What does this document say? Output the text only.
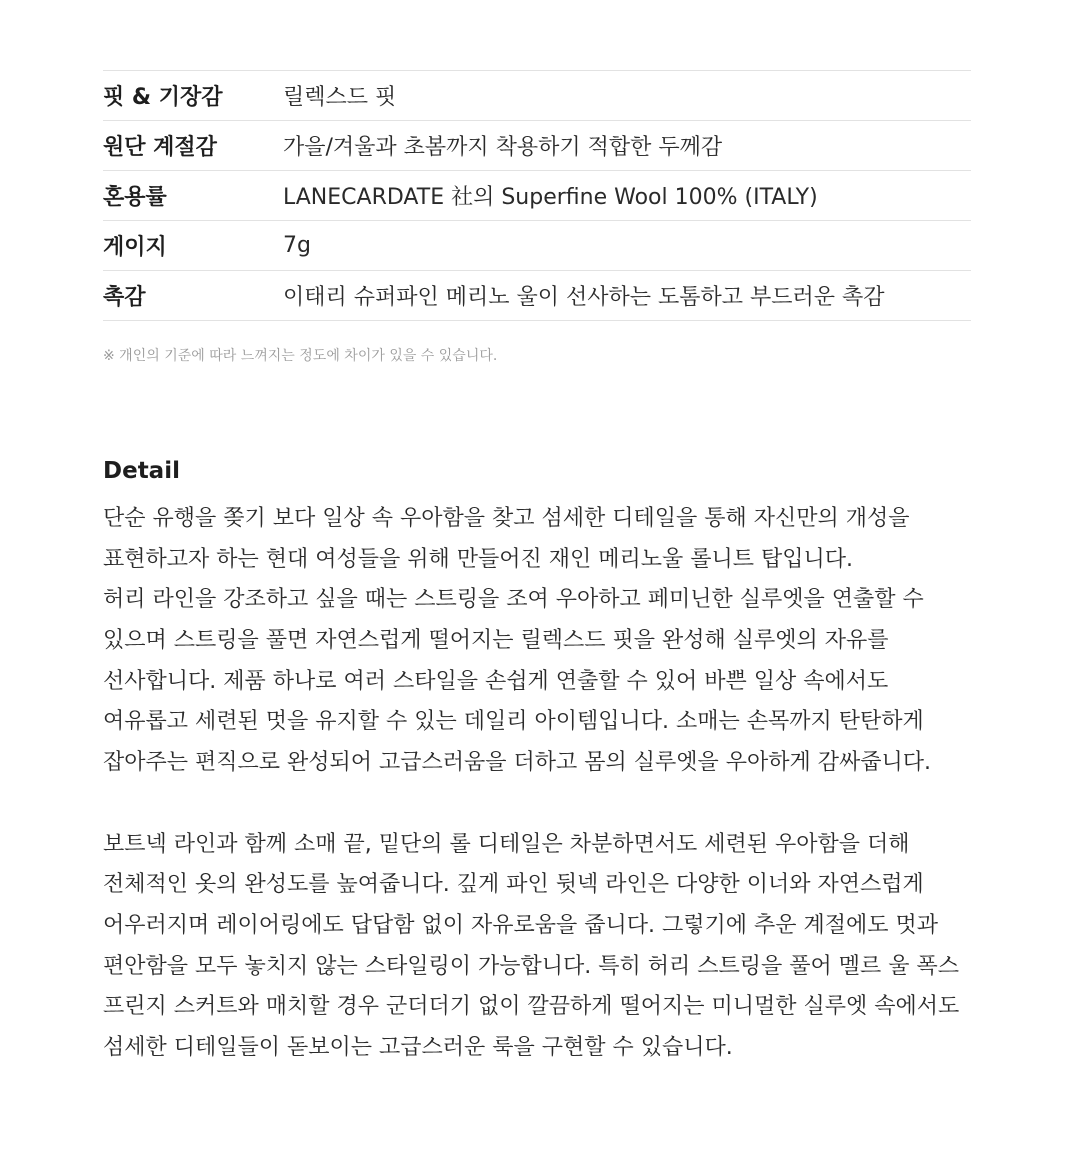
핏 & 기장감	릴렉스드 핏
원단 계절감	가을/겨울과 초봄까지 착용하기 적합한 두께감
혼용률	LANECARDATE 社의 Superfine Wool 100% (ITALY)
게이지	7g
촉감	이태리 슈퍼파인 메리노 울이 선사하는 도톰하고 부드러운 촉감
※ 개인의 기준에 따라 느껴지는 정도에 차이가 있을 수 있습니다.
Detail
단순 유행을 쫒기 보다 일상 속 우아함을 찾고 섬세한 디테일을 통해 자신만의 개성을
표현하고자 하는 현대 여성들을 위해 만들어진 재인 메리노울 롤니트 탑입니다.
허리 라인을 강조하고 싶을 때는 스트링을 조여 우아하고 페미닌한 실루엣을 연출할 수
있으며 스트링을 풀면 자연스럽게 떨어지는 릴렉스드 핏을 완성해 실루엣의 자유를
선사합니다. 제품 하나로 여러 스타일을 손쉽게 연출할 수 있어 바쁜 일상 속에서도
여유롭고 세련된 멋을 유지할 수 있는 데일리 아이템입니다. 소매는 손목까지 탄탄하게
잡아주는 편직으로 완성되어 고급스러움을 더하고 몸의 실루엣을 우아하게 감싸줍니다.
보트넥 라인과 함께 소매 끝, 밑단의 롤 디테일은 차분하면서도 세련된 우아함을 더해
전체적인 옷의 완성도를 높여줍니다. 깊게 파인 뒷넥 라인은 다양한 이너와 자연스럽게
어우러지며 레이어링에도 답답함 없이 자유로움을 줍니다. 그렇기에 추운 계절에도 멋과
편안함을 모두 놓치지 않는 스타일링이 가능합니다. 특히 허리 스트링을 풀어 멜르 울 폭스
프린지 스커트와 매치할 경우 군더더기 없이 깔끔하게 떨어지는 미니멀한 실루엣 속에서도
섬세한 디테일들이 돋보이는 고급스러운 룩을 구현할 수 있습니다.
